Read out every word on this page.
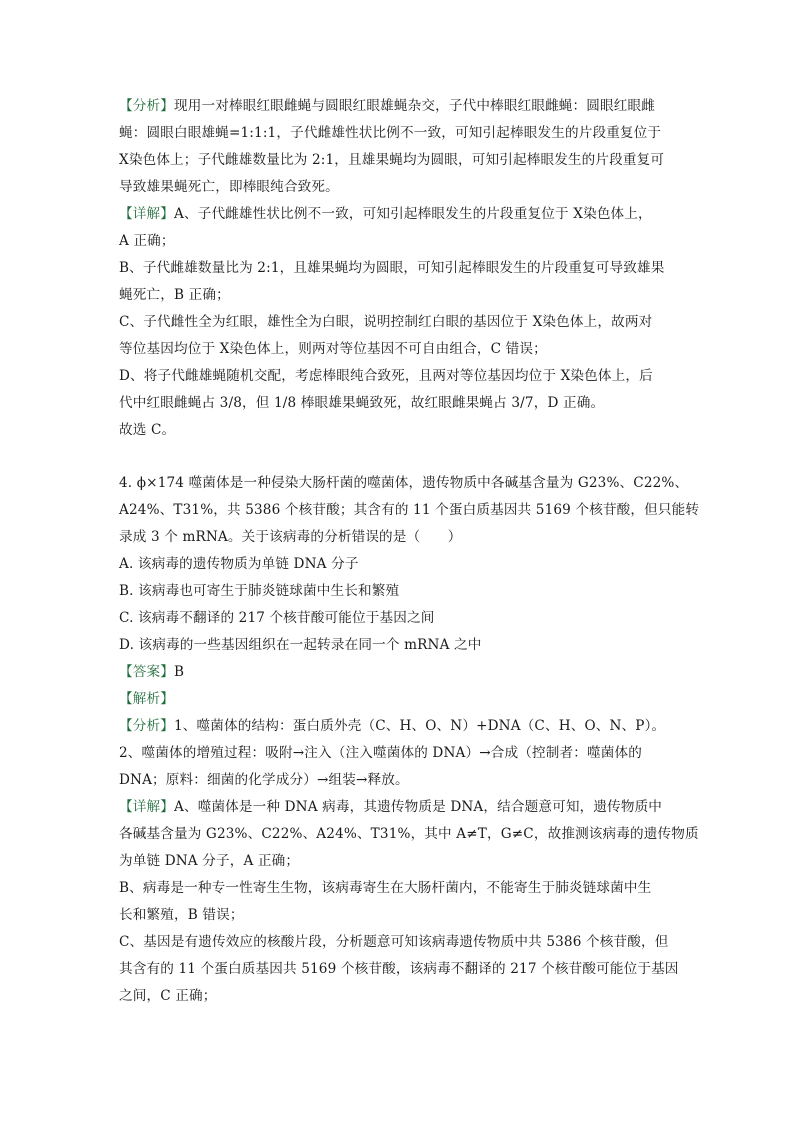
【分析】现用一对棒眼红眼雌蝇与圆眼红眼雄蝇杂交，子代中棒眼红眼雌蝇：圆眼红眼雌
蝇：圆眼白眼雄蝇=1:1:1，子代雌雄性状比例不一致，可知引起棒眼发生的片段重复位于
X染色体上；子代雌雄数量比为 2:1，且雄果蝇均为圆眼，可知引起棒眼发生的片段重复可
导致雄果蝇死亡，即棒眼纯合致死。
【详解】A、子代雌雄性状比例不一致，可知引起棒眼发生的片段重复位于 X染色体上，
A 正确；
B、子代雌雄数量比为 2:1，且雄果蝇均为圆眼，可知引起棒眼发生的片段重复可导致雄果
蝇死亡，B 正确；
C、子代雌性全为红眼，雄性全为白眼，说明控制红白眼的基因位于 X染色体上，故两对
等位基因均位于 X染色体上，则两对等位基因不可自由组合，C 错误；
D、将子代雌雄蝇随机交配，考虑棒眼纯合致死，且两对等位基因均位于 X染色体上，后
代中红眼雌蝇占 3/8，但 1/8 棒眼雄果蝇致死，故红眼雌果蝇占 3/7，D 正确。
故选 C。
4. ϕ×174 噬菌体是一种侵染大肠杆菌的噬菌体，遗传物质中各碱基含量为 G23%、C22%、
A24%、T31%，共 5386 个核苷酸；其含有的 11 个蛋白质基因共 5169 个核苷酸，但只能转
录成 3 个 mRNA。关于该病毒的分析错误的是（　　）
A. 该病毒的遗传物质为单链 DNA 分子
B. 该病毒也可寄生于肺炎链球菌中生长和繁殖
C. 该病毒不翻译的 217 个核苷酸可能位于基因之间
D. 该病毒的一些基因组织在一起转录在同一个 mRNA 之中
【答案】B
【解析】
【分析】1、噬菌体的结构：蛋白质外壳（C、H、O、N）+DNA（C、H、O、N、P）。
2、噬菌体的增殖过程：吸附→注入（注入噬菌体的 DNA）→合成（控制者：噬菌体的
DNA；原料：细菌的化学成分）→组装→释放。
【详解】A、噬菌体是一种 DNA 病毒，其遗传物质是 DNA，结合题意可知，遗传物质中
各碱基含量为 G23%、C22%、A24%、T31%，其中 A≠T，G≠C，故推测该病毒的遗传物质
为单链 DNA 分子，A 正确；
B、病毒是一种专一性寄生生物，该病毒寄生在大肠杆菌内，不能寄生于肺炎链球菌中生
长和繁殖，B 错误；
C、基因是有遗传效应的核酸片段，分析题意可知该病毒遗传物质中共 5386 个核苷酸，但
其含有的 11 个蛋白质基因共 5169 个核苷酸，该病毒不翻译的 217 个核苷酸可能位于基因
之间，C 正确；
